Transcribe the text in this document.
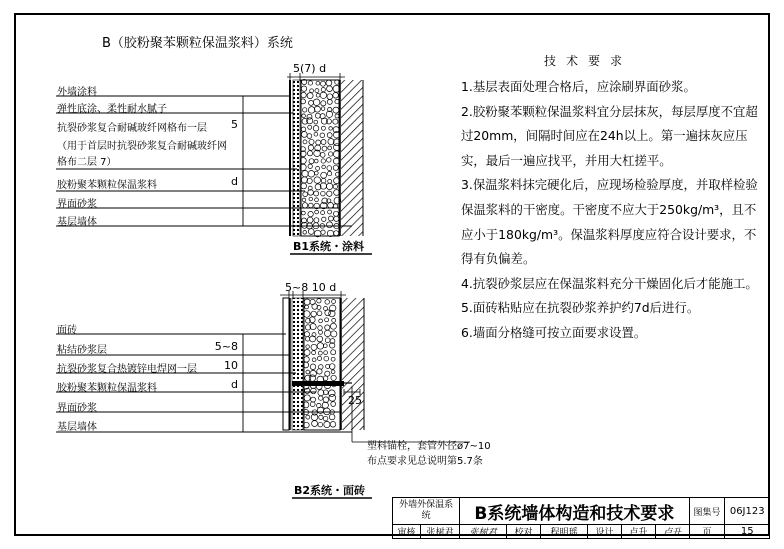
B（胶粉聚苯颗粒保温浆料）系统
外墙涂料
弹性底涂、柔性耐水腻子
抗裂砂浆复合耐碱玻纤网格布一层	5
（用于首层时抗裂砂浆复合耐碱玻纤网
格布二层 7）
胶粉聚苯颗粒保温浆料	d
界面砂浆
基层墙体
面砖
粘结砂浆层	5~8
抗裂砂浆复合热镀锌电焊网一层	10
胶粉聚苯颗粒保温浆料	d
界面砂浆
基层墙体
5(7) d
5~8 10 d
25
塑料锚栓，套管外径ø7~10
布点要求见总说明第5.7条
B1系统・涂料
B2系统・面砖
技术要求

1.基层表面处理合格后，应涂刷界面砂浆。

2.胶粉聚苯颗粒保温浆料宜分层抹灰，每层厚度不宜超过20mm，间隔时间应在24h以上。第一遍抹灰应压实，最后一遍应找平，并用大杠搓平。

3.保温浆料抹完硬化后，应现场检验厚度，并取样检验保温浆料的干密度。干密度不应大于250kg/m³，且不应小于180kg/m³。保温浆料厚度应符合设计要求，不得有负偏差。

4.抗裂砂浆层应在保温浆料充分干燥固化后才能施工。

5.面砖粘贴应在抗裂砂浆养护约7d后进行。

6.墙面分格缝可按立面要求设置。

外墙外保温系统		B系统墙体构造和技术要求						图集号	06J123
审核	张树君	张树君	校对	程明瑶	设计	卢升	卢升	页	15
